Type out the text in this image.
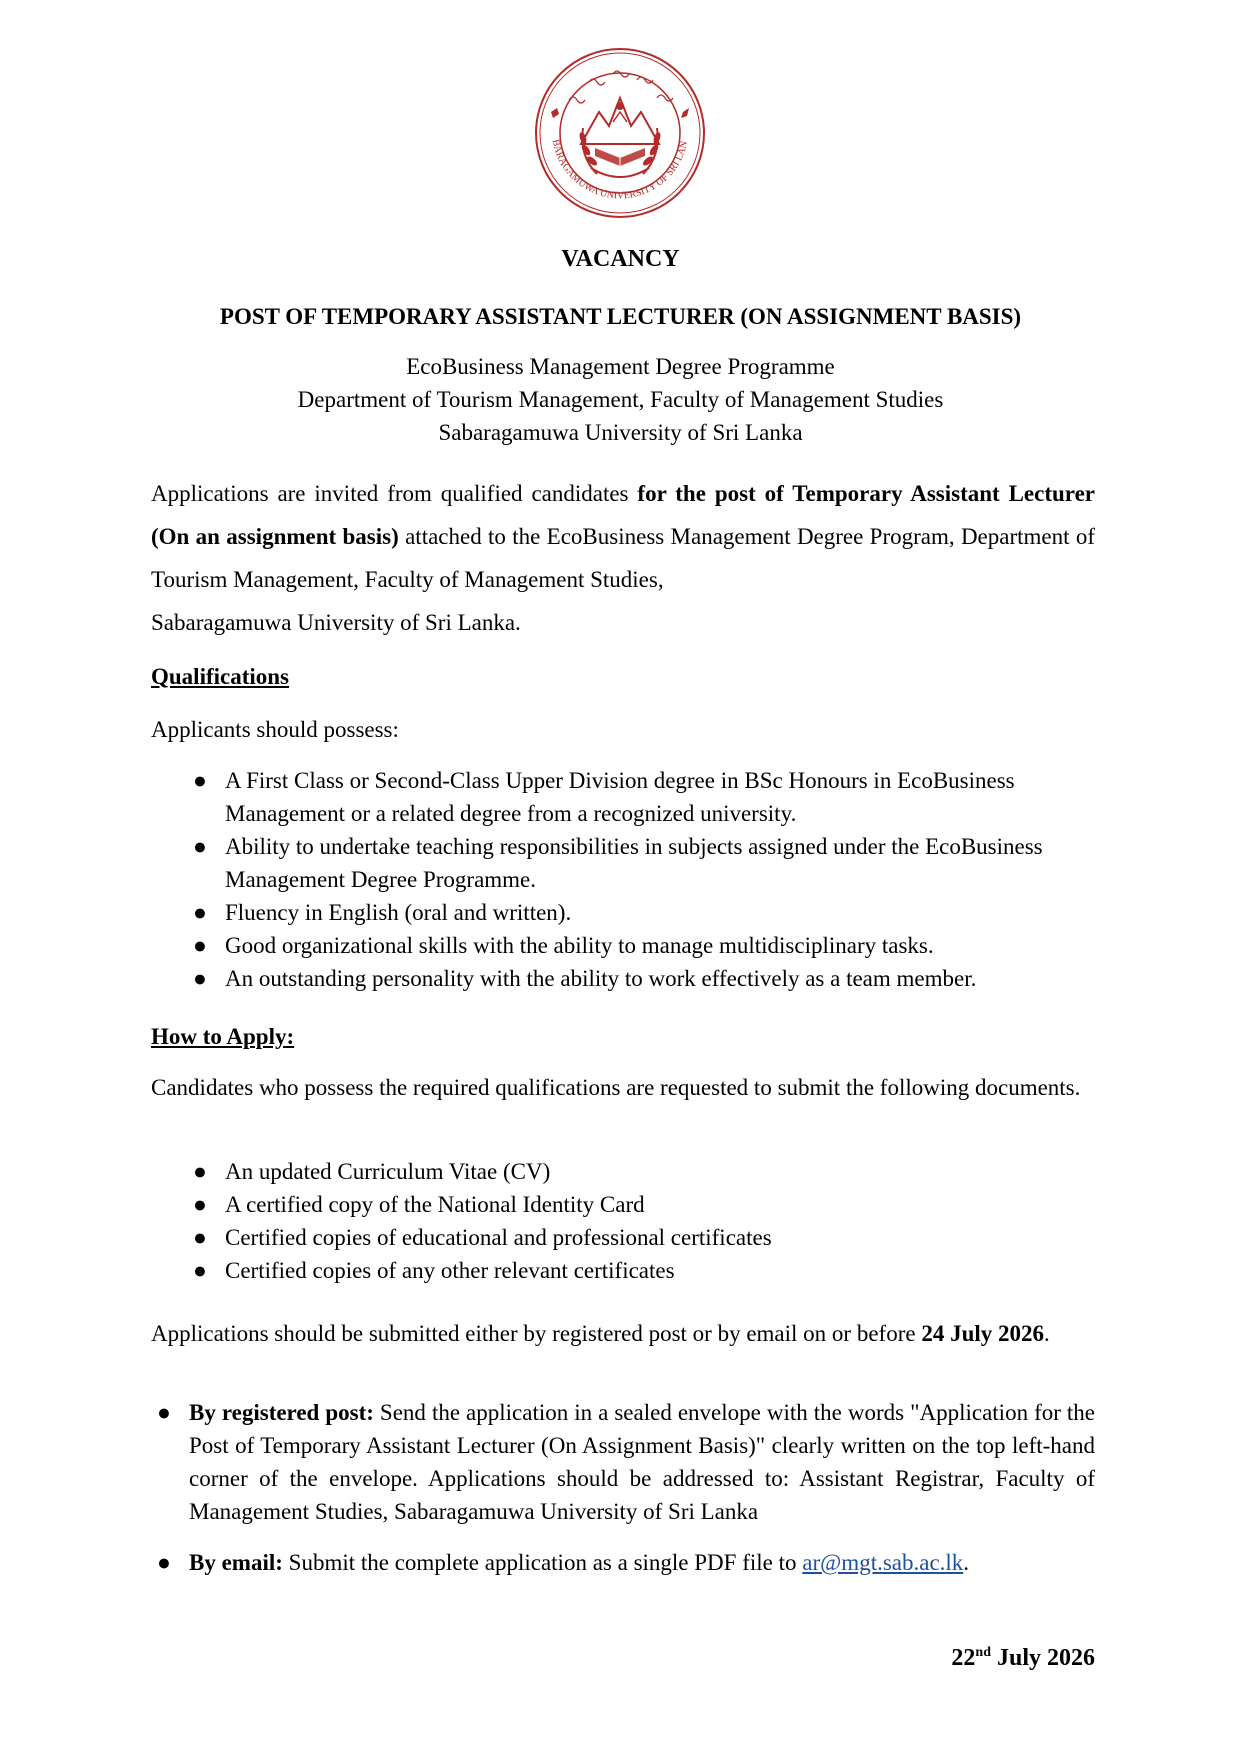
BARAGAMUWA UNIVERSITY OF SRI LAN

VACANCY

POST OF TEMPORARY ASSISTANT LECTURER (ON ASSIGNMENT BASIS)

EcoBusiness Management Degree Programme
Department of Tourism Management, Faculty of Management Studies
Sabaragamuwa University of Sri Lanka
Applications are invited from qualified candidates for the post of Temporary Assistant Lecturer (On an assignment basis) attached to the EcoBusiness Management Degree Program, Department of Tourism Management, Faculty of Management Studies,
Sabaragamuwa University of Sri Lanka.

Qualifications

Applicants should possess:

● A First Class or Second-Class Upper Division degree in BSc Honours in EcoBusiness Management or a related degree from a recognized university.
● Ability to undertake teaching responsibilities in subjects assigned under the EcoBusiness Management Degree Programme.
● Fluency in English (oral and written).
● Good organizational skills with the ability to manage multidisciplinary tasks.
● An outstanding personality with the ability to work effectively as a team member.

How to Apply:

Candidates who possess the required qualifications are requested to submit the following documents.

● An updated Curriculum Vitae (CV)
● A certified copy of the National Identity Card
● Certified copies of educational and professional certificates
● Certified copies of any other relevant certificates

Applications should be submitted either by registered post or by email on or before 24 July 2026.

● By registered post: Send the application in a sealed envelope with the words "Application for the Post of Temporary Assistant Lecturer (On Assignment Basis)" clearly written on the top left-hand corner of the envelope. Applications should be addressed to: Assistant Registrar, Faculty of Management Studies, Sabaragamuwa University of Sri Lanka
● By email: Submit the complete application as a single PDF file to ar@mgt.sab.ac.lk.

22nd July 2026
